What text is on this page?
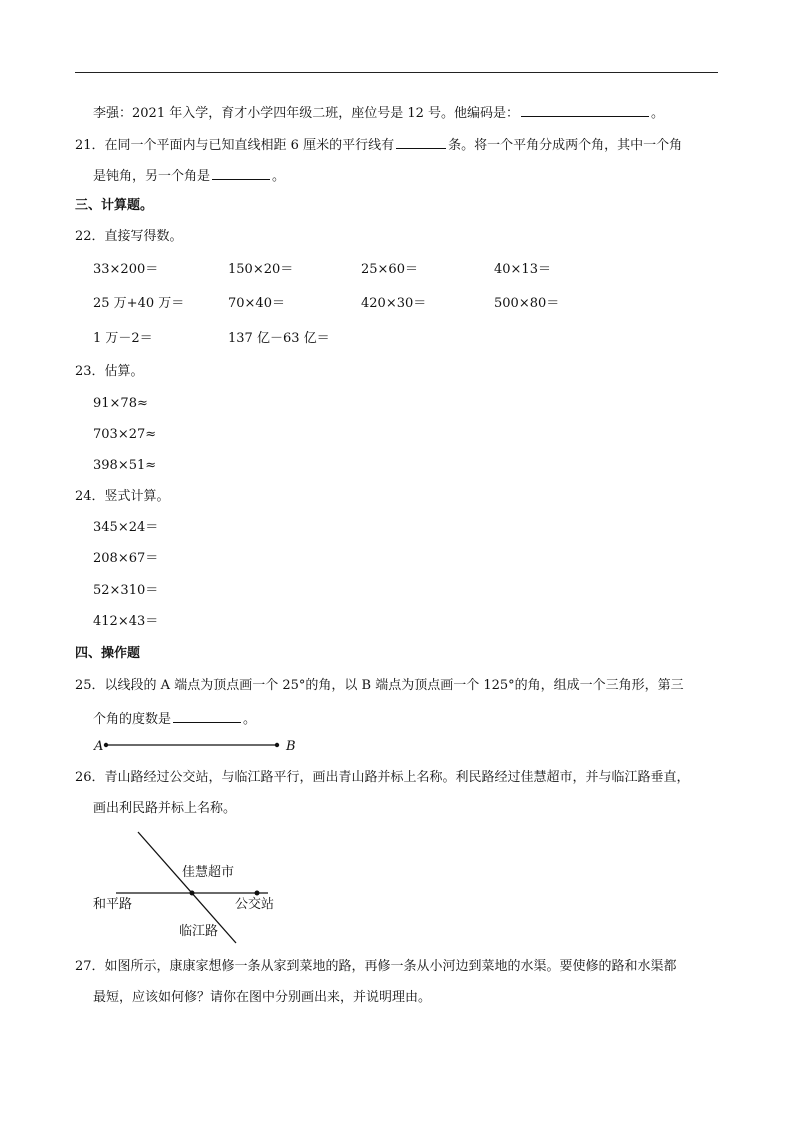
李强：2021 年入学，育才小学四年级二班，座位号是 12 号。他编码是：	。
21．在同一个平面内与已知直线相距 6 厘米的平行线有	条。将一个平角分成两个角，其中一个角
是钝角，另一个角是	。
三、计算题。
22．直接写得数。
33×200＝	150×20＝	25×60＝	40×13＝
25 万+40 万＝	70×40＝	420×30＝	500×80＝
1 万－2＝	137 亿－63 亿＝
23．估算。
91×78≈
703×27≈
398×51≈
24．竖式计算。
345×24＝
208×67＝
52×310＝
412×43＝
四、操作题
25．以线段的 A 端点为顶点画一个 25°的角，以 B 端点为顶点画一个 125°的角，组成一个三角形，第三
个角的度数是	。
A	B
26．青山路经过公交站，与临江路平行，画出青山路并标上名称。利民路经过佳慧超市，并与临江路垂直，
画出利民路并标上名称。
佳慧超市
和平路	公交站
临江路
27．如图所示，康康家想修一条从家到菜地的路，再修一条从小河边到菜地的水渠。要使修的路和水渠都
最短，应该如何修？请你在图中分别画出来，并说明理由。
